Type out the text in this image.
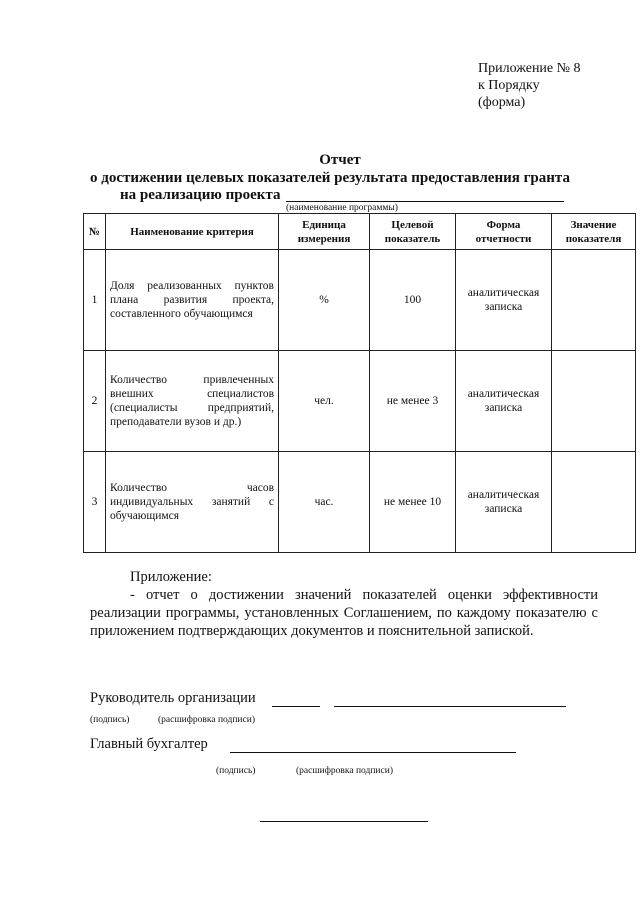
Приложение № 8
к Порядку
(форма)
Отчет
о достижении целевых показателей результата предоставления гранта
на реализацию проекта
(наименование программы)
№	Наименование критерия	Единица измерения	Целевой показатель	Форма отчетности	Значение показателя
1	Доля реализованных пунктов плана развития проекта, составленного обучающимся	%	100	аналитическая записка	
2	Количество привлеченных внешних специалистов (специалисты предприятий, преподаватели вузов и др.)	чел.	не менее 3	аналитическая записка	
3	Количество часов индивидуальных занятий с обучающимся	час.	не менее 10	аналитическая записка	
Приложение:
- отчет о достижении значений показателей оценки эффективности реализации программы, установленных Соглашением, по каждому показателю с приложением подтверждающих документов и пояснительной запиской.
Руководитель организации
(подпись)	(расшифровка подписи)
Главный бухгалтер
(подпись)	(расшифровка подписи)
